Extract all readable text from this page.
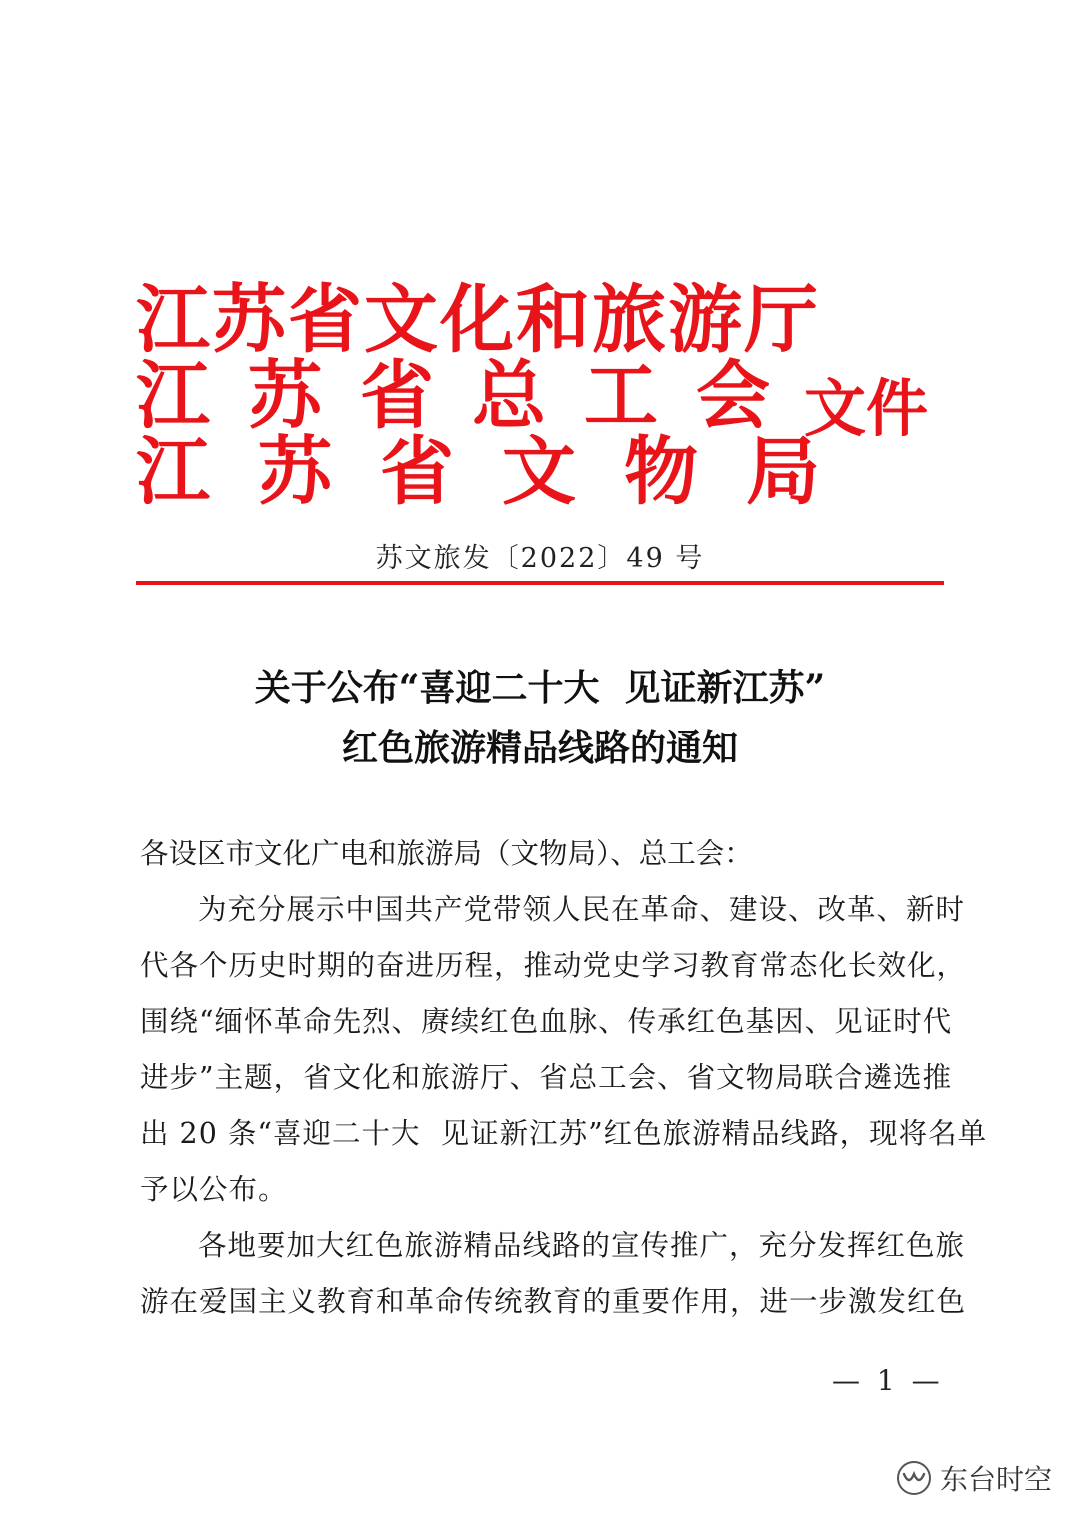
江苏省文化和旅游厅
江苏省总工会
江苏省文物局
文件
苏文旅发〔2022〕49 号
关于公布“喜迎二十大  见证新江苏”
红色旅游精品线路的通知
各设区市文化广电和旅游局（文物局）、总工会：
为充分展示中国共产党带领人民在革命、建设、改革、新时
代各个历史时期的奋进历程，推动党史学习教育常态化长效化，
围绕“缅怀革命先烈、赓续红色血脉、传承红色基因、见证时代
进步”主题，省文化和旅游厅、省总工会、省文物局联合遴选推
出 20 条“喜迎二十大  见证新江苏”红色旅游精品线路，现将名单
予以公布。
各地要加大红色旅游精品线路的宣传推广，充分发挥红色旅
游在爱国主义教育和革命传统教育的重要作用，进一步激发红色
— 1 —
东台时空
